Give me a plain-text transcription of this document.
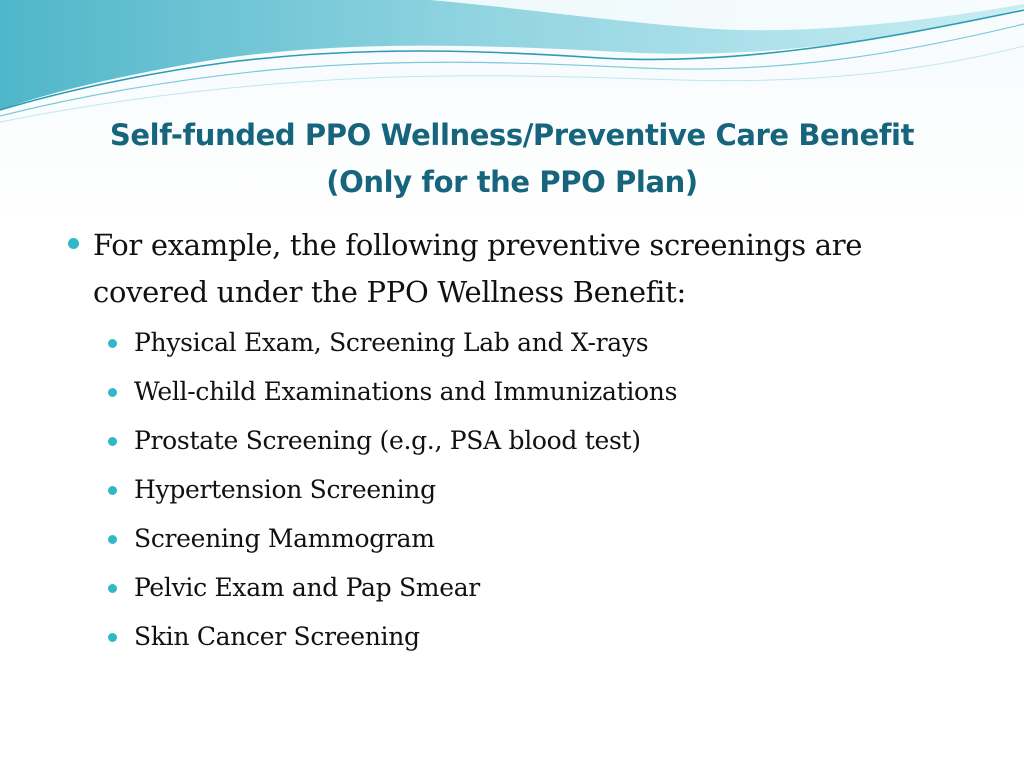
Self-funded PPO Wellness/Preventive Care Benefit
(Only for the PPO Plan)
For example, the following preventive screenings are covered under the PPO Wellness Benefit:
Physical Exam, Screening Lab and X-rays
Well-child Examinations and Immunizations
Prostate Screening (e.g., PSA blood test)
Hypertension Screening
Screening Mammogram
Pelvic Exam and Pap Smear
Skin Cancer Screening
